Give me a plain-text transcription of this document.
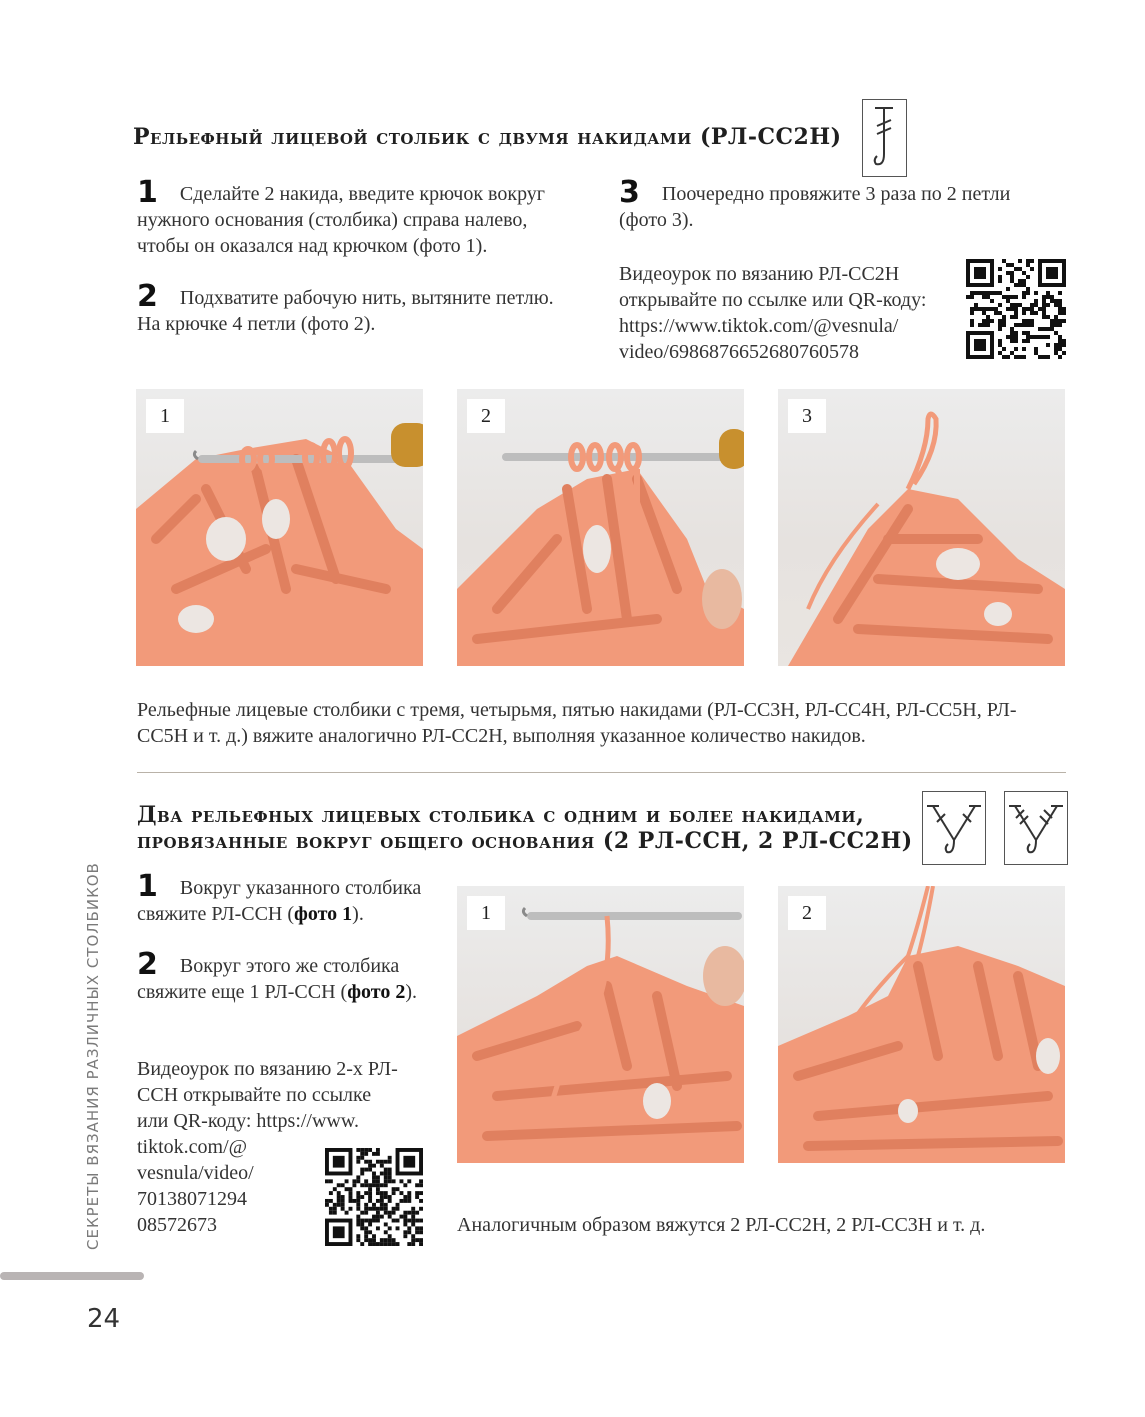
Рельефный лицевой столбик с двумя накидами (РЛ-СС2Н)
1 Сделайте 2 накида, введите крючок вокруг нужного основания (столбика) справа налево, чтобы он оказался над крючком (фото 1).
2 Подхватите рабочую нить, вытяните петлю. На крючке 4 петли (фото 2).
3 Поочередно провяжите 3 раза по 2 петли (фото 3).
Видеоурок по вязанию РЛ-СС2Н открывайте по ссылке или QR-коду: https://www.tiktok.com/@vesnula/ video/6986876652680760578
1	2	3
Рельефные лицевые столбики с тремя, четырьмя, пятью накидами (РЛ-СС3Н, РЛ-СС4Н, РЛ-СС5Н, РЛ-СС5Н и т. д.) вяжите аналогично РЛ-СС2Н, выполняя указанное количество накидов.
Два рельефных лицевых столбика с одним и более накидами,
провязанные вокруг общего основания (2 РЛ-ССН, 2 РЛ-СС2Н)
1 Вокруг указанного столбика свяжите РЛ-ССН (фото 1).
2 Вокруг этого же столбика свяжите еще 1 РЛ-ССН (фото 2).
Видеоурок по вязанию 2-х РЛ-
ССН открывайте по ссылке
или QR-коду: https://www.
tiktok.com/@
vesnula/video/
70138071294
08572673
1	2
Аналогичным образом вяжутся 2 РЛ-СС2Н, 2 РЛ-СС3Н и т. д.
СЕКРЕТЫ ВЯЗАНИЯ РАЗЛИЧНЫХ СТОЛБИКОВ
24
